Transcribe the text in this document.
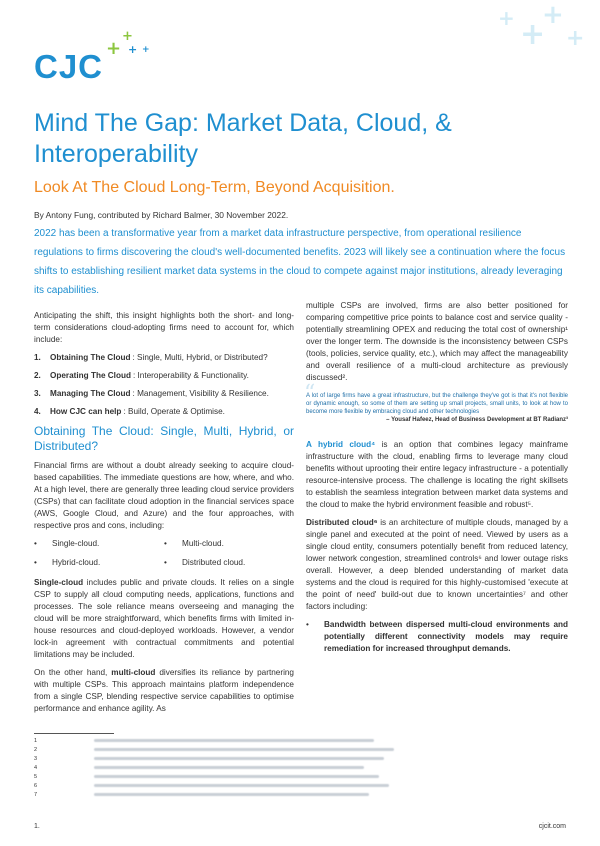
+
+
+
+
CJC +
+
+ +
Mind The Gap: Market Data, Cloud, & Interoperability
Look At The Cloud Long-Term, Beyond Acquisition.
By Antony Fung, contributed by Richard Balmer, 30 November 2022.
2022 has been a transformative year from a market data infrastructure perspective, from operational resilience regulations to firms discovering the cloud's well-documented benefits. 2023 will likely see a continuation where the focus shifts to establishing resilient market data systems in the cloud to compete against major institutions, already leveraging its capabilities.

Anticipating the shift, this insight highlights both the short- and long-term considerations cloud-adopting firms need to account for, which include:

1.	Obtaining The Cloud : Single, Multi, Hybrid, or Distributed?
2.	Operating The Cloud : Interoperability & Functionality.
3.	Managing The Cloud : Management, Visibility & Resilience.
4.	How CJC can help : Build, Operate & Optimise.
Obtaining The Cloud: Single, Multi, Hybrid, or Distributed?

Financial firms are without a doubt already seeking to acquire cloud-based capabilities. The immediate questions are how, where, and who. At a high level, there are generally three leading cloud service providers (CSPs) that can facilitate cloud adoption in the financial services space (AWS, Google Cloud, and Azure) and the four approaches, with respective pros and cons, including:

•	Single-cloud.	•	Multi-cloud.
•	Hybrid-cloud.	•	Distributed cloud.

Single-cloud includes public and private clouds. It relies on a single CSP to supply all cloud computing needs, applications, functions and processes. The sole reliance means overseeing and managing the cloud will be more straightforward, which benefits firms with limited in-house resources and cloud-deployed workloads. However, a vendor lock-in agreement with contractual commitments and potential limitations may be included.

On the other hand, multi-cloud diversifies its reliance by partnering with multiple CSPs. This approach maintains platform independence from a single CSP, blending respective service capabilities to optimise performance and enhance agility. As

multiple CSPs are involved, firms are also better positioned for comparing competitive price points to balance cost and service quality - potentially streamlining OPEX and reducing the total cost of ownership¹ over the longer term. The downside is the inconsistency between CSPs (tools, policies, service quality, etc.), which may affect the manageability and overall resilience of a multi-cloud architecture as previously discussed².

“
A lot of large firms have a great infrastructure, but the challenge they've got is that it's not flexible or dynamic enough, so some of them are setting up small projects, small units, to look at how to become more flexible by embracing cloud and other technologies
– Yousaf Hafeez, Head of Business Development at BT Radianz³

A hybrid cloud⁴ is an option that combines legacy mainframe infrastructure with the cloud, enabling firms to leverage many cloud benefits without uprooting their entire legacy infrastructure - a potentially resource-intensive process. The challenge is locating the right skillsets to establish the seamless integration between market data systems and the cloud to make the hybrid environment feasible and robust⁵.

Distributed cloud⁶ is an architecture of multiple clouds, managed by a single panel and executed at the point of need. Viewed by users as a single cloud entity, consumers potentially benefit from reduced latency, lower network congestion, streamlined controls⁶ and lower outage risks overall. However, a deep blended understanding of market data systems and the cloud is required for this highly-customised 'execute at the point of need' build-out due to known uncertainties⁷ and other factors including:

•	Bandwidth between dispersed multi-cloud environments and potentially different connectivity models may require remediation for increased throughput demands.
1
2
3
4
5
6
7
1.	cjcit.com
